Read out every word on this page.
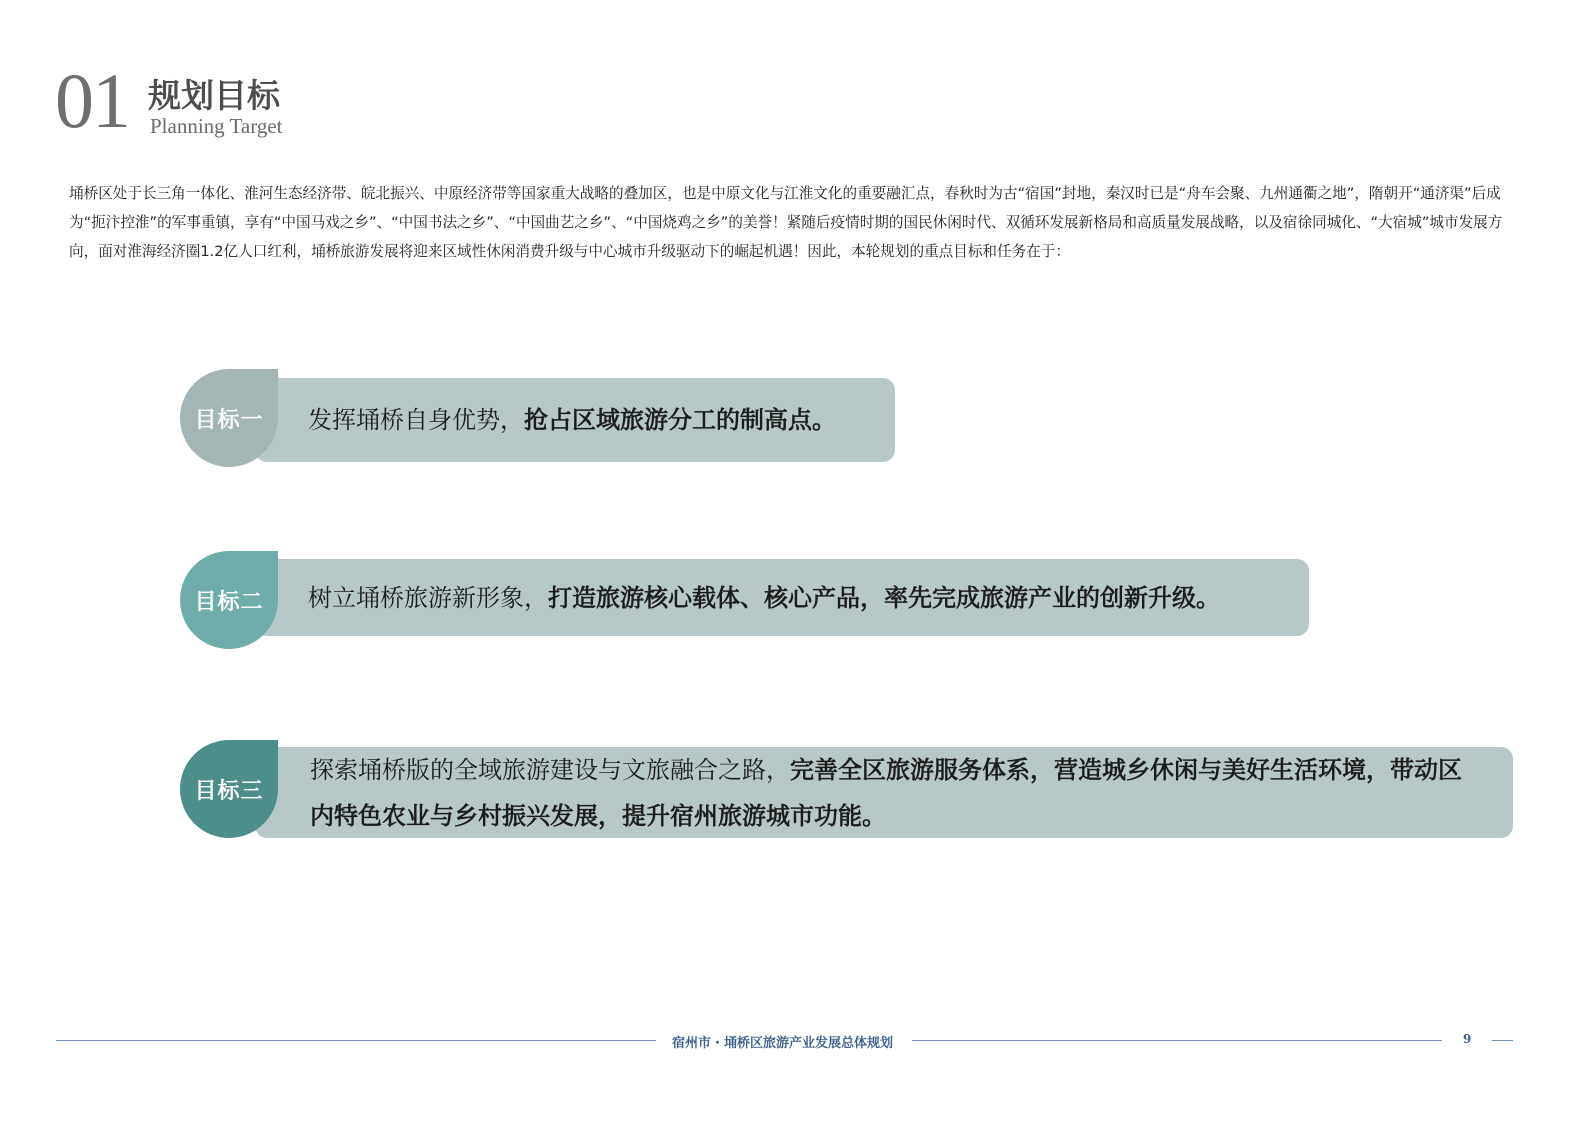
01 规划目标
Planning Target

埇桥区处于长三角一体化、淮河生态经济带、皖北振兴、中原经济带等国家重大战略的叠加区，也是中原文化与江淮文化的重要融汇点，春秋时为古“宿国”封地，秦汉时已是“舟车会聚、九州通衢之地”，隋朝开“通济渠”后成为“扼汴控淮”的军事重镇，享有“中国马戏之乡”、“中国书法之乡”、“中国曲艺之乡”、“中国烧鸡之乡”的美誉！紧随后疫情时期的国民休闲时代、双循环发展新格局和高质量发展战略，以及宿徐同城化、“大宿城”城市发展方向，面对淮海经济圈1.2亿人口红利，埇桥旅游发展将迎来区域性休闲消费升级与中心城市升级驱动下的崛起机遇！因此，本轮规划的重点目标和任务在于：

发挥埇桥自身优势，抢占区域旅游分工的制高点。
目标一
树立埇桥旅游新形象，打造旅游核心载体、核心产品，率先完成旅游产业的创新升级。
目标二
探索埇桥版的全域旅游建设与文旅融合之路，完善全区旅游服务体系，营造城乡休闲与美好生活环境，带动区内特色农业与乡村振兴发展，提升宿州旅游城市功能。
目标三
宿州市・埇桥区旅游产业发展总体规划	9
